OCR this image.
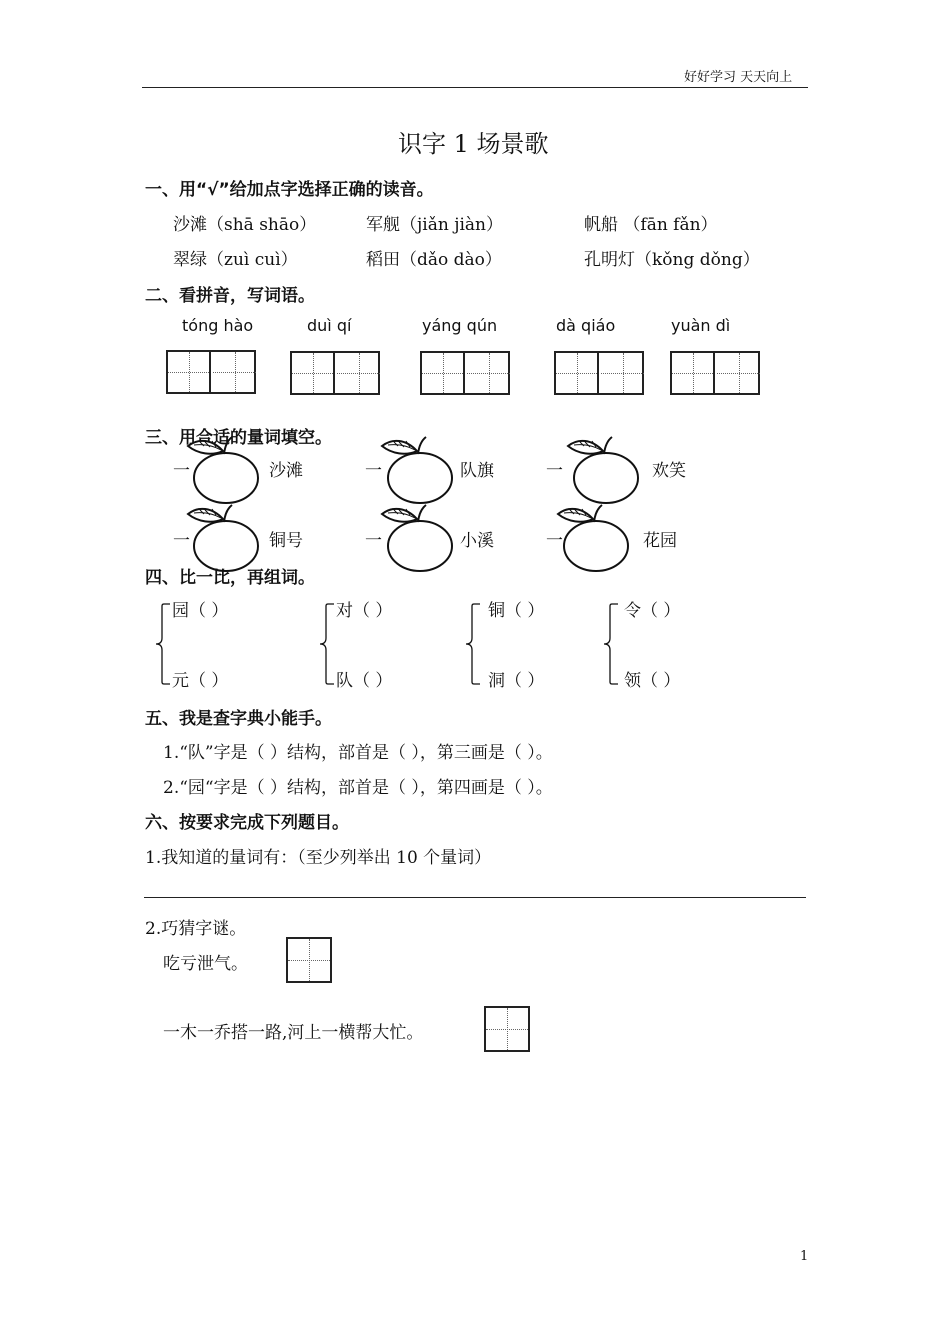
好好学习 天天向上
识字 1 场景歌
一、用“√”给加点字选择正确的读音。
沙滩（shā shāo）	军舰（jiǎn jiàn）	帆船 （fān fǎn）
翠绿（zuì cuì）	稻田（dǎo dào）	孔明灯（kǒng dǒng）
二、看拼音，写词语。
tóng hào	duì qí	yáng qún	dà qiáo	yuàn dì
三、用合适的量词填空。
一	沙滩	一	队旗	一	欢笑
一	铜号	一	小溪	一	花园
四、比一比，再组词。
园（ ）	对（ ）	铜（ ）	令（ ）
元（ ）	队（ ）	洞（ ）	领（ ）
五、我是查字典小能手。
1.“队”字是（ ）结构，部首是（ ），第三画是（ ）。
2.“园“字是（ ）结构，部首是（ ），第四画是（ ）。
六、按要求完成下列题目。
1.我知道的量词有：（至少列举出 10 个量词）
2.巧猜字谜。
吃亏泄气。
一木一乔搭一路,河上一横帮大忙。
1
